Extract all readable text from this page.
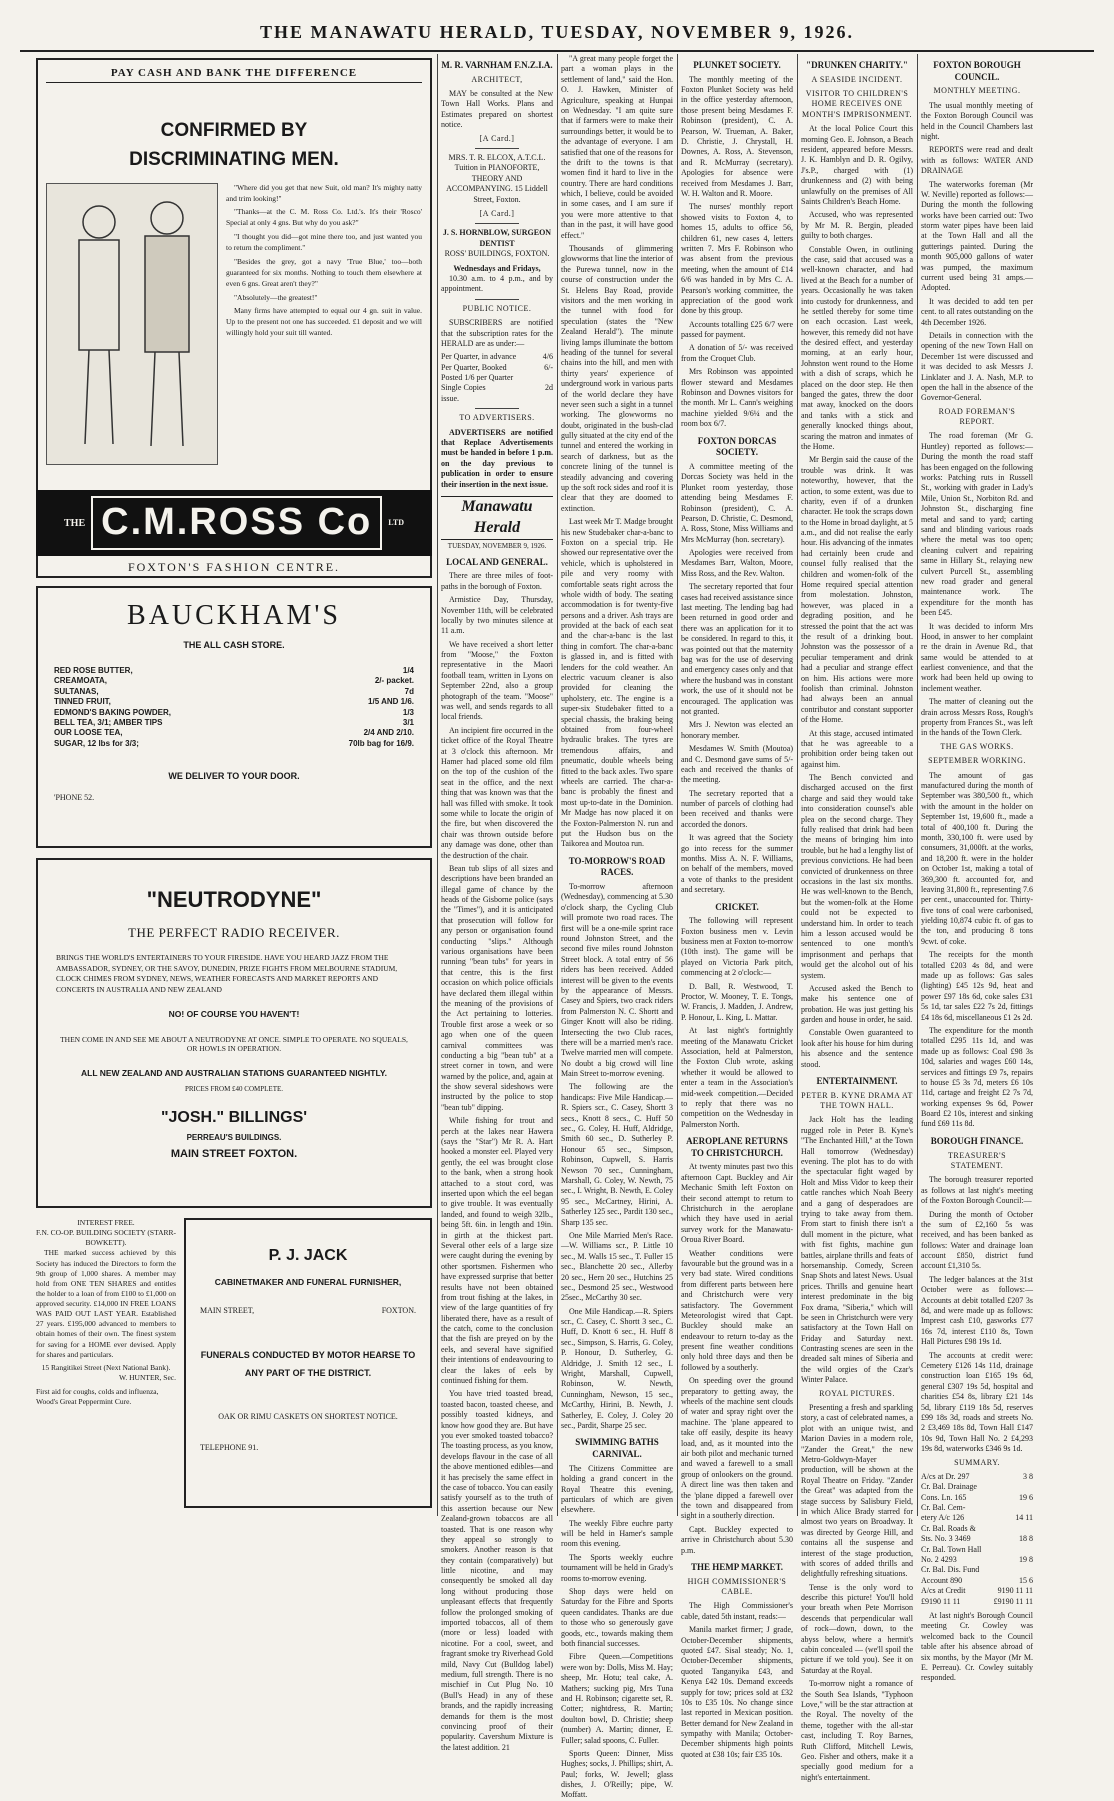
THE MANAWATU HERALD, TUESDAY, NOVEMBER 9, 1926.
PAY CASH AND BANK THE DIFFERENCE
CONFIRMED BY
DISCRIMINATING MEN.

"Where did you get that new Suit, old man? It's mighty natty and trim looking!"

"Thanks—at the C. M. Ross Co. Ltd.'s. It's their 'Rosco' Special at only 4 gns. But why do you ask?"

"I thought you did—got mine there too, and just wanted you to return the compliment."

"Besides the grey, got a navy 'True Blue,' too—both guaranteed for six months. Nothing to touch them elsewhere at even 6 gns. Great aren't they?"

"Absolutely—the greatest!"

Many firms have attempted to equal our 4 gn. suit in value. Up to the present not one has succeeded. £1 deposit and we will willingly hold your suit till wanted.

THE C.M.ROSS Co	LTD
FOXTON'S FASHION CENTRE.
BAUCKHAM'S
THE ALL CASH STORE.
RED ROSE BUTTER,	1/4
CREAMOATA,	2/- packet.
SULTANAS,	7d
TINNED FRUIT,	1/5 AND 1/6.
EDMOND'S BAKING POWDER,	1/3
BELL TEA, 3/1; AMBER TIPS	3/1
OUR LOOSE TEA,	2/4 AND 2/10.
SUGAR, 12 lbs for 3/3;	70lb bag for 16/9.
WE DELIVER TO YOUR DOOR.
'PHONE 52.
"NEUTRODYNE"
THE PERFECT RADIO RECEIVER.
BRINGS THE WORLD'S ENTERTAINERS TO YOUR FIRESIDE. HAVE YOU HEARD JAZZ FROM THE AMBASSADOR, SYDNEY, OR THE SAVOY, DUNEDIN, PRIZE FIGHTS FROM MELBOURNE STADIUM, CLOCK CHIMES FROM SYDNEY, NEWS, WEATHER FORECASTS AND MARKET REPORTS AND CONCERTS IN AUSTRALIA AND NEW ZEALAND
NO! OF COURSE YOU HAVEN'T!
THEN COME IN AND SEE ME ABOUT A NEUTRODYNE AT ONCE. SIMPLE TO OPERATE. NO SQUEALS, OR HOWLS IN OPERATION.
ALL NEW ZEALAND AND AUSTRALIAN STATIONS GUARANTEED NIGHTLY.
PRICES FROM £40 COMPLETE.
"JOSH." BILLINGS'
PERREAU'S BUILDINGS.
MAIN STREET FOXTON.
INTEREST FREE.
F.N. CO-OP. BUILDING SOCIETY (STARR-BOWKETT).

THE marked success achieved by this Society has induced the Directors to form the 9th group of 1,000 shares. A member may hold from ONE TEN SHARES and entitles the holder to a loan of from £100 to £1,000 on approved security. £14,000 IN FREE LOANS WAS PAID OUT LAST YEAR. Established 27 years. £195,000 advanced to members to obtain homes of their own. The finest system for saving for a HOME ever devised. Apply for shares and particulars.

15 Rangitikei Street (Next National Bank).
W. HUNTER, Sec.
First aid for coughs, colds and influenza, Wood's Great Peppermint Cure.
P. J. JACK
CABINETMAKER AND FUNERAL FURNISHER,
MAIN STREET,	FOXTON.
FUNERALS CONDUCTED BY MOTOR HEARSE TO ANY PART OF THE DISTRICT.
OAK OR RIMU CASKETS ON SHORTEST NOTICE.
TELEPHONE 91.
M. R. VARNHAM F.N.Z.I.A.
ARCHITECT,

MAY be consulted at the New Town Hall Works. Plans and Estimates prepared on shortest notice.

[A Card.]
MRS. T. R. ELCOX, A.T.C.L. Tuition in PIANOFORTE, THEORY AND ACCOMPANYING. 15 Liddell Street, Foxton.
[A Card.]
J. S. HORNBLOW, SURGEON DENTIST
ROSS' BUILDINGS, FOXTON.
Wednesdays and Fridays,

10.30 a.m. to 4 p.m., and by appointment.

PUBLIC NOTICE.

SUBSCRIBERS are notified that the subscription rates for the HERALD are as under:—

Per Quarter, in advance	4/6
Per Quarter, Booked	6/-
Posted 1/6 per Quarter
Single Copies	2d
issue.
TO ADVERTISERS.

ADVERTISERS are notified that Replace Advertisements must be handed in before 1 p.m. on the day previous to publication in order to ensure their insertion in the next issue.

Manawatu Herald
TUESDAY, NOVEMBER 9, 1926.
LOCAL AND GENERAL.

There are three miles of foot-paths in the borough of Foxton.

Armistice Day, Thursday, November 11th, will be celebrated locally by two minutes silence at 11 a.m.

We have received a short letter from "Moose," the Foxton representative in the Maori football team, written in Lyons on September 22nd, also a group photograph of the team. "Moose" was well, and sends regards to all local friends.

An incipient fire occurred in the ticket office of the Royal Theatre at 3 o'clock this afternoon. Mr Hamer had placed some old film on the top of the cushion of the seat in the office, and the next thing that was known was that the hall was filled with smoke. It took some while to locate the origin of the fire, but when discovered the chair was thrown outside before any damage was done, other than the destruction of the chair.

Bean tub slips of all sizes and descriptions have been branded an illegal game of chance by the heads of the Gisborne police (says the "Times"), and it is anticipated that prosecution will follow for any person or organisation found conducting "slips." Although various organisations have been running "bean tubs" for years in that centre, this is the first occasion on which police officials have declared them illegal within the meaning of the provisions of the Act pertaining to lotteries. Trouble first arose a week or so ago when one of the queen carnival committees was conducting a big "bean tub" at a street corner in town, and were warned by the police, and, again at the show several sideshows were instructed by the police to stop "bean tub" dipping.

While fishing for trout and perch at the lakes near Hawera (says the "Star") Mr R. A. Hart hooked a monster eel. Played very gently, the eel was brought close to the bank, when a strong hook attached to a stout cord, was inserted upon which the eel began to give trouble. It was eventually landed, and found to weigh 32lb., being 5ft. 6in. in length and 19in. in girth at the thickest part. Several other eels of a large size were caught during the evening by other sportsmen. Fishermen who have expressed surprise that better results have not been obtained from trout fishing at the lakes, in view of the large quantities of fry liberated there, have as a result of the catch, come to the conclusion that the fish are preyed on by the eels, and several have signified their intentions of endeavouring to clear the lakes of eels by continued fishing for them.

You have tried toasted bread, toasted bacon, toasted cheese, and possibly toasted kidneys, and know how good they are. But have you ever smoked toasted tobacco? The toasting process, as you know, develops flavour in the case of all the above mentioned edibles—and it has precisely the same effect in the case of tobacco. You can easily satisfy yourself as to the truth of this assertion because our New Zealand-grown tobaccos are all toasted. That is one reason why they appeal so strongly to smokers. Another reason is that they contain (comparatively) but little nicotine, and may consequently be smoked all day long without producing those unpleasant effects that frequently follow the prolonged smoking of imported tobaccos, all of them (more or less) loaded with nicotine. For a cool, sweet, and fragrant smoke try Riverhead Gold mild, Navy Cut (Bulldog label) medium, full strength. There is no mischief in Cut Plug No. 10 (Bull's Head) in any of these brands, and the rapidly increasing demands for them is the most convincing proof of their popularity. Cavershum Mixture is the latest addition. 21

"A great many people forget the part a woman plays in the settlement of land," said the Hon. O. J. Hawken, Minister of Agriculture, speaking at Hunpai on Wednesday. "I am quite sure that if farmers were to make their surroundings better, it would be to the advantage of everyone. I am satisfied that one of the reasons for the drift to the towns is that women find it hard to live in the country. There are hard conditions which, I believe, could be avoided in some cases, and I am sure if you were more attentive to that than in the past, it will have good effect."

Thousands of glimmering glowworms that line the interior of the Purewa tunnel, now in the course of construction under the St. Helens Bay Road, provide visitors and the men working in the tunnel with food for speculation (states the "New Zealand Herald"). The minute living lamps illuminate the bottom heading of the tunnel for several chains into the hill, and men with thirty years' experience of underground work in various parts of the world declare they have never seen such a sight in a tunnel working. The glowworms no doubt, originated in the bush-clad gully situated at the city end of the tunnel and entered the working in search of darkness, but as the concrete lining of the tunnel is steadily advancing and covering up the soft rock sides and roof it is clear that they are doomed to extinction.

Last week Mr T. Madge brought his new Studebaker char-a-banc to Foxton on a special trip. He showed our representative over the vehicle, which is upholstered in pile and very roomy with comfortable seats right across the whole width of body. The seating accommodation is for twenty-five persons and a driver. Ash trays are provided at the back of each seat and the char-a-banc is the last thing in comfort. The char-a-banc is glassed in, and is fitted with lenders for the cold weather. An electric vacuum cleaner is also provided for cleaning the upholstery, etc. The engine is a super-six Studebaker fitted to a special chassis, the braking being obtained from four-wheel hydraulic brakes. The tyres are tremendous affairs, and pneumatic, double wheels being fitted to the back axles. Two spare wheels are carried. The char-a-banc is probably the finest and most up-to-date in the Dominion. Mr Madge has now placed it on the Foxton-Palmerston N. run and put the Hudson bus on the Taikorea and Moutoa run.

TO-MORROW'S ROAD RACES.

To-morrow afternoon (Wednesday), commencing at 5.30 o'clock sharp, the Cycling Club will promote two road races. The first will be a one-mile sprint race round Johnston Street, and the second five miles round Johnston Street block. A total entry of 56 riders has been received. Added interest will be given to the events by the appearance of Messrs. Casey and Spiers, two crack riders from Palmerston N. C. Shortt and Ginger Knott will also be riding. Intersecting the two Club races, there will be a married men's race. Twelve married men will compete. No doubt a big crowd will line Main Street to-morrow evening.

The following are the handicaps: Five Mile Handicap.—R. Spiers scr., C. Casey, Shortt 3 secs., Knott 8 secs., C. Huff 50 sec., G. Coley, H. Huff, Aldridge, Smith 60 sec., D. Sutherley P. Honour 65 sec., Simpson, Robinson, Cupwell, S. Harris Newson 70 sec., Cunningham, Marshall, G. Coley, W. Newth, 75 sec., I. Wright, B. Newth, E. Coley 95 sec., McCartney, Hirini, A. Satherley 125 sec., Pardit 130 sec., Sharp 135 sec.

One Mile Married Men's Race.—W. Williams scr., P. Little 10 sec., M. Walls 15 sec., T. Fuller 15 sec., Blanchette 20 sec., Allerby 20 sec., Hern 20 sec., Hutchins 25 sec., Desmond 25 sec., Westwood 25sec., McCarthy 30 sec.

One Mile Handicap.—R. Spiers scr., C. Casey, C. Shortt 3 sec., C. Huff, D. Knott 6 sec., H. Huff 8 sec., Simpson, S. Harris, G. Coley, P. Honour, D. Sutherley, G. Aldridge, J. Smith 12 sec., I. Wright, Marshall, Cupwell, Robinson, W. Newth, Cunningham, Newson, 15 sec., McCarthy, Hirini, B. Newth, J. Satherley, E. Coley, J. Coley 20 sec., Pardit, Sharpe 25 sec.

SWIMMING BATHS CARNIVAL.

The Citizens Committee are holding a grand concert in the Royal Theatre this evening, particulars of which are given elsewhere.

The weekly Fibre euchre party will be held in Hamer's sample room this evening.

The Sports weekly euchre tournament will be held in Grady's rooms to-morrow evening.

Shop days were held on Saturday for the Fibre and Sports queen candidates. Thanks are due to those who so generously gave goods, etc., towards making them both financial successes.

Fibre Queen.—Competitions were won by: Dolls, Miss M. Hay; sheep, Mr. Hotu; teal cake, A. Mathers; sucking pig, Mrs Tuna and H. Robinson; cigarette set, R. Cotter; nightdress, R. Martin; doulton bowl, D. Christie; sheep (number) A. Martin; dinner, E. Fuller; salad spoons, C. Fuller.

Sports Queen: Dinner, Miss Hughes; socks, J. Phillips; shirt, A. Paul; forks, W. Jewell; glass dishes, J. O'Reilly; pipe, W. Moffatt.

PLUNKET SOCIETY.

The monthly meeting of the Foxton Plunket Society was held in the office yesterday afternoon, those present being Mesdames F. Robinson (president), C. A. Pearson, W. Trueman, A. Baker, D. Christie, J. Chrystall, H. Downes, A. Ross, A. Stevenson, and R. McMurray (secretary). Apologies for absence were received from Mesdames J. Barr, W. H. Walton and R. Moore.

The nurses' monthly report showed visits to Foxton 4, to homes 15, adults to office 56, children 61, new cases 4, letters written 7. Mrs F. Robinson who was absent from the previous meeting, when the amount of £14 6/6 was handed in by Mrs C. A. Pearson's working committee, the appreciation of the good work done by this group.

Accounts totalling £25 6/7 were passed for payment.

A donation of 5/- was received from the Croquet Club.

Mrs Robinson was appointed flower steward and Mesdames Robinson and Downes visitors for the month. Mr L. Cann's weighing machine yielded 9/6¼ and the room box 6/7.

FOXTON DORCAS SOCIETY.

A committee meeting of the Dorcas Society was held in the Plunket room yesterday, those attending being Mesdames F. Robinson (president), C. A. Pearson, D. Christie, C. Desmond, A. Ross, Stone, Miss Williams and Mrs McMurray (hon. secretary).

Apologies were received from Mesdames Barr, Walton, Moore, Miss Ross, and the Rev. Walton.

The secretary reported that four cases had received assistance since last meeting. The lending bag had been returned in good order and there was an application for it to be considered. In regard to this, it was pointed out that the maternity bag was for the use of deserving and emergency cases only and that where the husband was in constant work, the use of it should not be encouraged. The application was not granted.

Mrs J. Newton was elected an honorary member.

Mesdames W. Smith (Moutoa) and C. Desmond gave sums of 5/- each and received the thanks of the meeting.

The secretary reported that a number of parcels of clothing had been received and thanks were accorded the donors.

It was agreed that the Society go into recess for the summer months. Miss A. N. F. Williams, on behalf of the members, moved a vote of thanks to the president and secretary.

CRICKET.

The following will represent Foxton business men v. Levin business men at Foxton to-morrow (10th inst). The game will be played on Victoria Park pitch, commencing at 2 o'clock:—

D. Ball, R. Westwood, T. Proctor, W. Mooney, T. E. Tongs, W. Francis, J. Madden, J. Andrew, P. Honour, L. King, L. Mattar.

At last night's fortnightly meeting of the Manawatu Cricket Association, held at Palmerston, the Foxton Club wrote, asking whether it would be allowed to enter a team in the Association's mid-week competition.—Decided to reply that there was no competition on the Wednesday in Palmerston North.

AEROPLANE RETURNS TO CHRISTCHURCH.

At twenty minutes past two this afternoon Capt. Buckley and Air Mechanic Smith left Foxton on their second attempt to return to Christchurch in the aeroplane which they have used in aerial survey work for the Manawatu-Oroua River Board.

Weather conditions were favourable but the ground was in a very bad state. Wired conditions from different parts between here and Christchurch were very satisfactory. The Government Meteorologist wired that Capt. Buckley should make an endeavour to return to-day as the present fine weather conditions only hold three days and then be followed by a southerly.

On speeding over the ground preparatory to getting away, the wheels of the machine sent clouds of water and spray right over the machine. The 'plane appeared to take off easily, despite its heavy load, and, as it mounted into the air both pilot and mechanic turned and waved a farewell to a small group of onlookers on the ground. A direct line was then taken and the 'plane dipped a farewell over the town and disappeared from sight in a southerly direction.

Capt. Buckley expected to arrive in Christchurch about 5.30 p.m.

THE HEMP MARKET.
HIGH COMMISSIONER'S CABLE.

The High Commissioner's cable, dated 5th instant, reads:—

Manila market firmer; J grade, October-December shipments, quoted £47. Sisal steady; No. 1, October-December shipments, quoted Tanganyika £43, and Kenya £42 10s. Demand exceeds supply for tow; prices sold at £32 10s to £35 10s. No change since last reported in Mexican position. Better demand for New Zealand in sympathy with Manila; October-December shipments high points quoted at £38 10s; fair £35 10s.

"DRUNKEN CHARITY."
A SEASIDE INCIDENT.
VISITOR TO CHILDREN'S HOME RECEIVES ONE MONTH'S IMPRISONMENT.

At the local Police Court this morning Geo. E. Johnson, a Beach resident, appeared before Messrs. J. K. Hamblyn and D. R. Ogilvy, J's.P., charged with (1) drunkenness and (2) with being unlawfully on the premises of All Saints Children's Beach Home.

Accused, who was represented by Mr M. R. Bergin, pleaded guilty to both charges.

Constable Owen, in outlining the case, said that accused was a well-known character, and had lived at the Beach for a number of years. Occasionally he was taken into custody for drunkenness, and he settled thereby for some time on each occasion. Last week, however, this remedy did not have the desired effect, and yesterday morning, at an early hour, Johnston went round to the Home with a dish of scraps, which he placed on the door step. He then banged the gates, threw the door mat away, knocked on the doors and tanks with a stick and generally knocked things about, scaring the matron and inmates of the Home.

Mr Bergin said the cause of the trouble was drink. It was noteworthy, however, that the action, to some extent, was due to charity, even if of a drunken character. He took the scraps down to the Home in broad daylight, at 5 a.m., and did not realise the early hour. His advancing of the inmates had certainly been crude and counsel fully realised that the children and women-folk of the Home required special attention from molestation. Johnston, however, was placed in a degrading position, and he stressed the point that the act was the result of a drinking bout. Johnston was the possessor of a peculiar temperament and drink had a peculiar and strange effect on him. His actions were more foolish than criminal. Johnston had always been an annual contributor and constant supporter of the Home.

At this stage, accused intimated that he was agreeable to a prohibition order being taken out against him.

The Bench convicted and discharged accused on the first charge and said they would take into consideration counsel's able plea on the second charge. They fully realised that drink had been the means of bringing him into trouble, but he had a lengthy list of previous convictions. He had been convicted of drunkenness on three occasions in the last six months. He was well-known to the Bench, but the women-folk at the Home could not be expected to understand him. In order to teach him a lesson accused would be sentenced to one month's imprisonment and perhaps that would get the alcohol out of his system.

Accused asked the Bench to make his sentence one of probation. He was just getting his garden and house in order, he said.

Constable Owen guaranteed to look after his house for him during his absence and the sentence stood.

ENTERTAINMENT.
PETER B. KYNE DRAMA AT THE TOWN HALL.

Jack Holt has the leading rugged role in Peter B. Kyne's "The Enchanted Hill," at the Town Hall tomorrow (Wednesday) evening. The plot has to do with the spectacular fight waged by Holt and Miss Vidor to keep their cattle ranches which Noah Beery and a gang of desperadoes are trying to take away from them. From start to finish there isn't a dull moment in the picture, what with fist fights, machine gun battles, airplane thrills and feats of horsemanship. Comedy, Screen Snap Shots and latest News. Usual prices. Thrills and genuine heart interest predominate in the big Fox drama, "Siberia," which will be seen in Christchurch were very satisfactory at the Town Hall on Friday and Saturday next. Contrasting scenes are seen in the dreaded salt mines of Siberia and the wild orgies of the Czar's Winter Palace.

ROYAL PICTURES.

Presenting a fresh and sparkling story, a cast of celebrated names, a plot with an unique twist, and Marion Davies in a modern role, "Zander the Great," the new Metro-Goldwyn-Mayer production, will be shown at the Royal Theatre on Friday. "Zander the Great" was adapted from the stage success by Salisbury Field, in which Alice Brady starred for almost two years on Broadway. It was directed by George Hill, and contains all the suspense and interest of the stage production, with scores of added thrills and delightfully refreshing situations.

Tense is the only word to describe this picture! You'll hold your breath when Pete Morrison descends that perpendicular wall of rock—down, down, to the abyss below, where a hermit's cabin concealed — (we'll spoil the picture if we told you). See it on Saturday at the Royal.

To-morrow night a romance of the South Sea Islands, "Typhoon Love," will be the star attraction at the Royal. The novelty of the theme, together with the all-star cast, including T. Roy Barnes, Ruth Clifford, Mitchell Lewis, Geo. Fisher and others, make it a specially good medium for a night's entertainment.

FOXTON BOROUGH COUNCIL.
MONTHLY MEETING.

The usual monthly meeting of the Foxton Borough Council was held in the Council Chambers last night.

REPORTS were read and dealt with as follows: WATER AND DRAINAGE

The waterworks foreman (Mr W. Neville) reported as follows:—During the month the following works have been carried out: Two storm water pipes have been laid at the Town Hall and all the gutterings painted. During the month 905,000 gallons of water was pumped, the maximum current used being 31 amps.—Adopted.

It was decided to add ten per cent. to all rates outstanding on the 4th December 1926.

Details in connection with the opening of the new Town Hall on December 1st were discussed and it was decided to ask Messrs J. Linklater and J. A. Nash, M.P. to open the hall in the absence of the Governor-General.

ROAD FOREMAN'S REPORT.

The road foreman (Mr G. Huntley) reported as follows:—During the month the road staff has been engaged on the following works: Patching ruts in Russell St., working with grader in Lady's Mile, Union St., Norbiton Rd. and Johnston St., discharging fine metal and sand to yard; carting sand and blinding various roads where the metal was too open; cleaning culvert and repairing same in Hillary St., relaying new culvert Purcell St., assembling new road grader and general maintenance work. The expenditure for the month has been £45.

It was decided to inform Mrs Hood, in answer to her complaint re the drain in Avenue Rd., that same would be attended to at earliest convenience, and that the work had been held up owing to inclement weather.

The matter of cleaning out the drain across Messrs Ross, Rough's property from Frances St., was left in the hands of the Town Clerk.

THE GAS WORKS.
SEPTEMBER WORKING.

The amount of gas manufactured during the month of September was 380,500 ft., which with the amount in the holder on September 1st, 19,600 ft., made a total of 400,100 ft. During the month, 330,100 ft. were used by consumers, 31,000ft. at the works, and 18,200 ft. were in the holder on October 1st, making a total of 369,300 ft. accounted for, and leaving 31,800 ft., representing 7.6 per cent., unaccounted for. Thirty-five tons of coal were carbonised, yielding 10,874 cubic ft. of gas to the ton, and producing 8 tons 9cwt. of coke.

The receipts for the month totalled £203 4s 8d, and were made up as follows: Gas sales (lighting) £45 12s 9d, heat and power £97 18s 6d, coke sales £31 5s 1d, tar sales £22 7s 2d, fittings £4 18s 6d, miscellaneous £1 2s 2d.

The expenditure for the month totalled £295 11s 1d, and was made up as follows: Coal £98 3s 10d, salaries and wages £60 14s, services and fittings £9 7s, repairs to house £5 3s 7d, meters £6 10s 11d, cartage and freight £2 7s 7d, working expenses 9s 6d, Power Board £2 10s, interest and sinking fund £69 11s 8d.

BOROUGH FINANCE.
TREASURER'S STATEMENT.

The borough treasurer reported as follows at last night's meeting of the Foxton Borough Council:—

During the month of October the sum of £2,160 5s was received, and has been banked as follows: Water and drainage loan account £850, district fund account £1,310 5s.

The ledger balances at the 31st October were as follows:—Accounts at debit totalled £207 3s 8d, and were made up as follows: Imprest cash £10, gasworks £77 16s 7d, interest £110 8s, Town Hall Pictures £98 19s 1d.

The accounts at credit were: Cemetery £126 14s 11d, drainage construction loan £165 19s 6d, general £307 19s 5d, hospital and charities £54 8s, library £21 14s 5d, library £119 18s 5d, reserves £99 18s 3d, roads and streets No. 2 £3,469 18s 8d, Town Hall £147 10s 9d, Town Hall No. 2 £4,293 19s 8d, waterworks £346 9s 1d.

SUMMARY.
A/cs at Dr. 297	3 8
Cr. Bal. Drainage
Cons. Ln. 165	19 6
Cr. Bal. Cem-
etery A/c 126	14 11
Cr. Bal. Roads &
Sts. No. 3 3469	18 8
Cr. Bal. Town Hall
No. 2 4293	19 8
Cr. Bal. Dis. Fund
Account 890	15 6
A/cs at Credit	9190 11 11
£9190 11 11	£9190 11 11

At last night's Borough Council meeting Cr. Cowley was welcomed back to the Council table after his absence abroad of six months, by the Mayor (Mr M. E. Perreau). Cr. Cowley suitably responded.
